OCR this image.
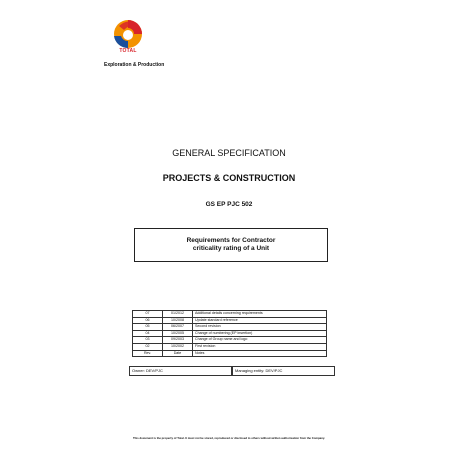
TOTAL
Exploration & Production
GENERAL SPECIFICATION
PROJECTS & CONSTRUCTION
GS EP PJC 502
Requirements for Contractor
criticality rating of a Unit
07	01/2012	Additional details concerning requirements
06	10/2008	Update standard reference
05	06/2007	Second revision
04	10/2005	Change of numbering (EP insertion)
03	09/2003	Change of Group name and logo
02	10/2002	First revision
Rev.	Date	Notes
Owner: DEV/PJC	Managing entity: DEV/PJC
This document is the property of Total. It must not be stored, reproduced or disclosed to others without written authorisation from the Company.
